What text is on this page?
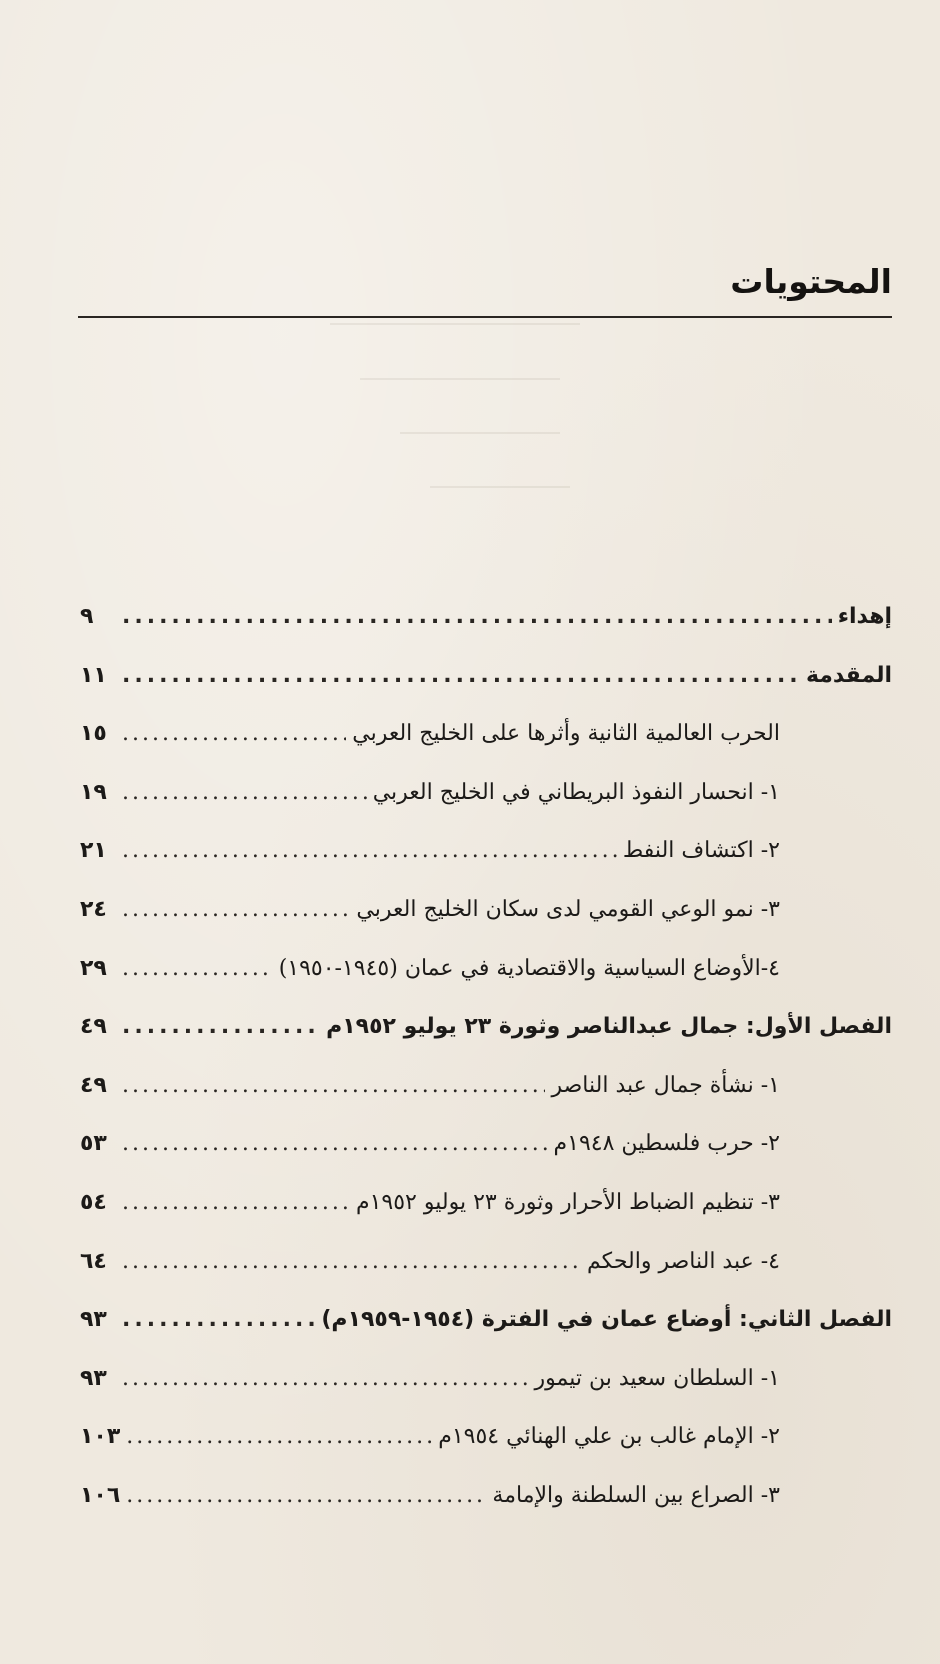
المحتويات
إهداء
.....
٩
المقدمة
.....
١١
الحرب العالمية الثانية وأثرها على الخليج العربي
.....
١٥
١- انحسار النفوذ البريطاني في الخليج العربي
.....
١٩
٢- اكتشاف النفط
.....
٢١
٣- نمو الوعي القومي لدى سكان الخليج العربي
.....
٢٤
٤-الأوضاع السياسية والاقتصادية في عمان (١٩٤٥-١٩٥٠)
.....
٢٩
الفصل الأول: جمال عبدالناصر وثورة ٢٣ يوليو ١٩٥٢م
.....
٤٩
١- نشأة جمال عبد الناصر
.....
٤٩
٢- حرب فلسطين ١٩٤٨م
.....
٥٣
٣- تنظيم الضباط الأحرار وثورة ٢٣ يوليو ١٩٥٢م
.....
٥٤
٤- عبد الناصر والحكم
.....
٦٤
الفصل الثاني: أوضاع عمان في الفترة (١٩٥٤-١٩٥٩م)
.....
٩٣
١- السلطان سعيد بن تيمور
.....
٩٣
٢- الإمام غالب بن علي الهنائي ١٩٥٤م
.....
١٠٣
٣- الصراع بين السلطنة والإمامة
.....
١٠٦
